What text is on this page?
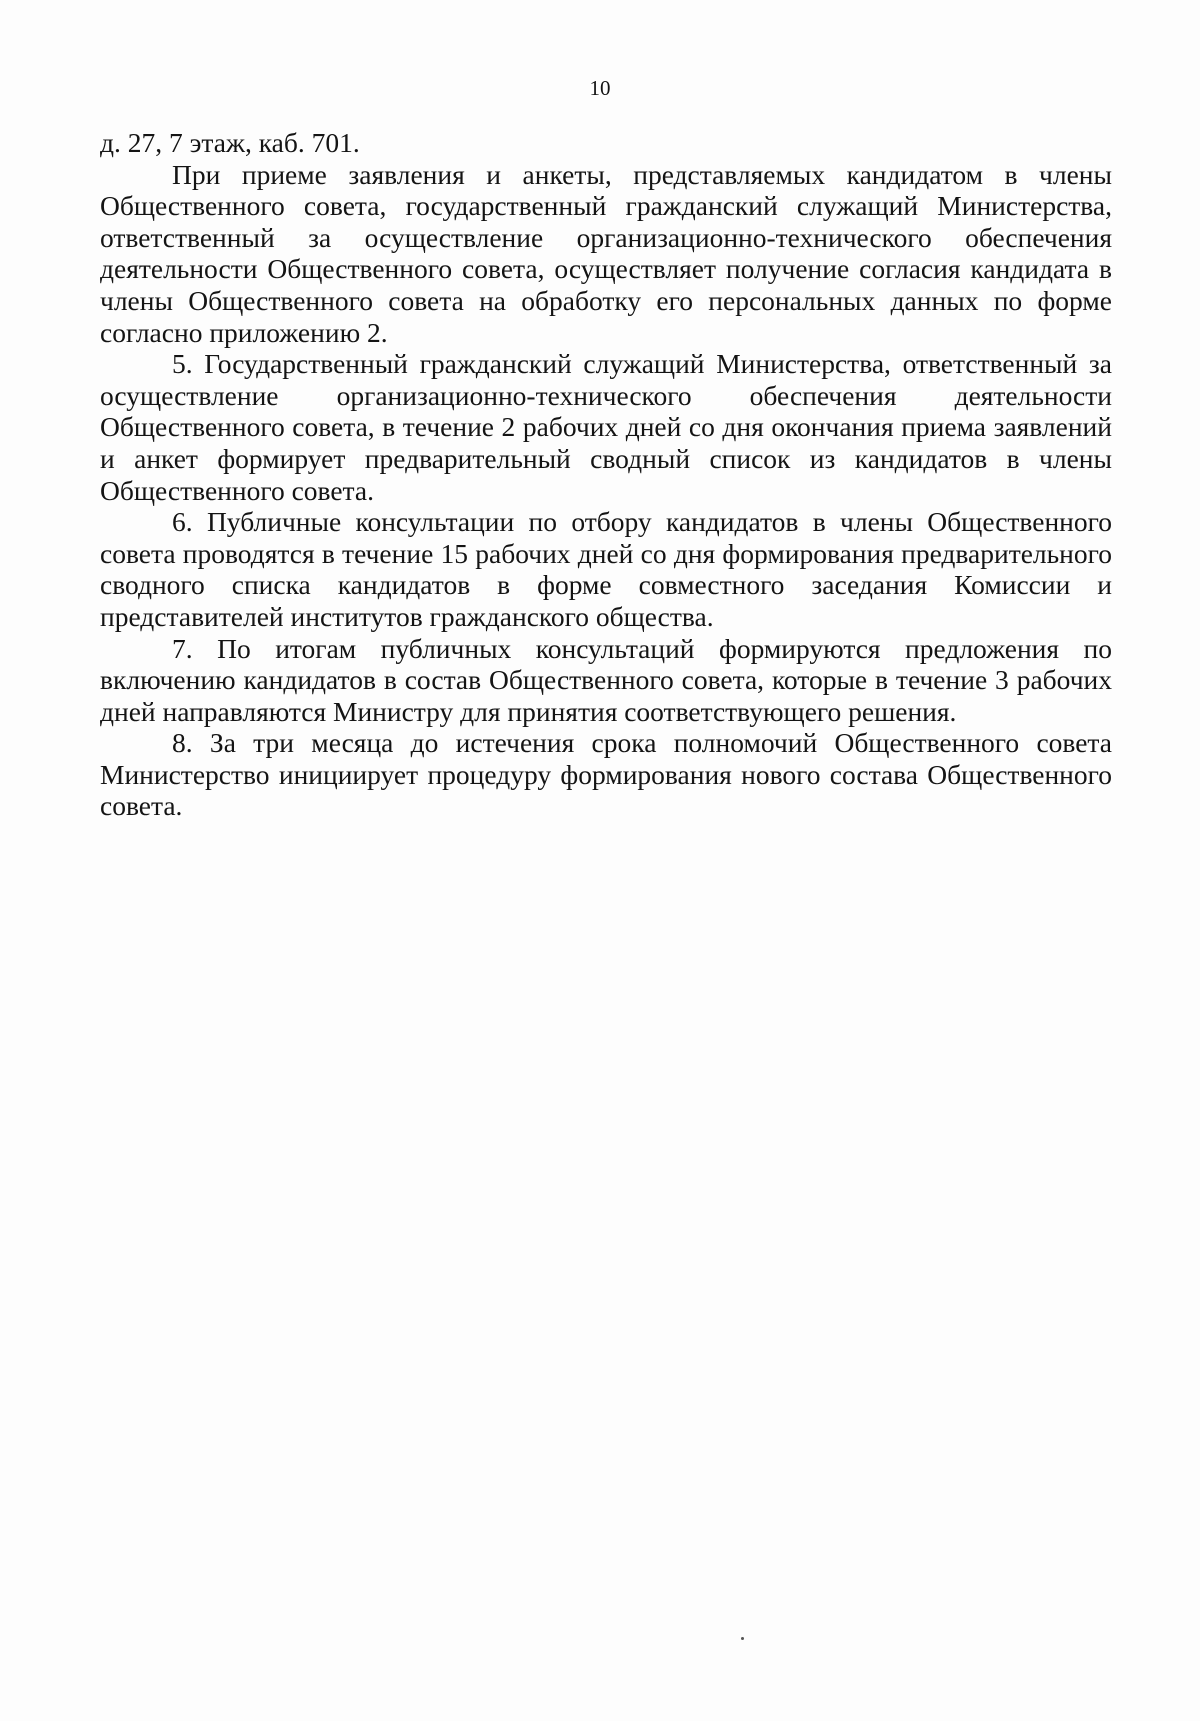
10

д. 27, 7 этаж, каб. 701.

При приеме заявления и анкеты, представляемых кандидатом в члены Общественного совета, государственный гражданский служащий Министерства, ответственный за осуществление организационно-технического обеспечения деятельности Общественного совета, осуществляет получение согласия кандидата в члены Общественного совета на обработку его персональных данных по форме согласно приложению 2.

5. Государственный гражданский служащий Министерства, ответственный за осуществление организационно-технического обеспечения деятельности Общественного совета, в течение 2 рабочих дней со дня окончания приема заявлений и анкет формирует предварительный сводный список из кандидатов в члены Общественного совета.

6. Публичные консультации по отбору кандидатов в члены Общественного совета проводятся в течение 15 рабочих дней со дня формирования предварительного сводного списка кандидатов в форме совместного заседания Комиссии и представителей институтов гражданского общества.

7. По итогам публичных консультаций формируются предложения по включению кандидатов в состав Общественного совета, которые в течение 3 рабочих дней направляются Министру для принятия соответствующего решения.

8. За три месяца до истечения срока полномочий Общественного совета Министерство инициирует процедуру формирования нового состава Общественного совета.
